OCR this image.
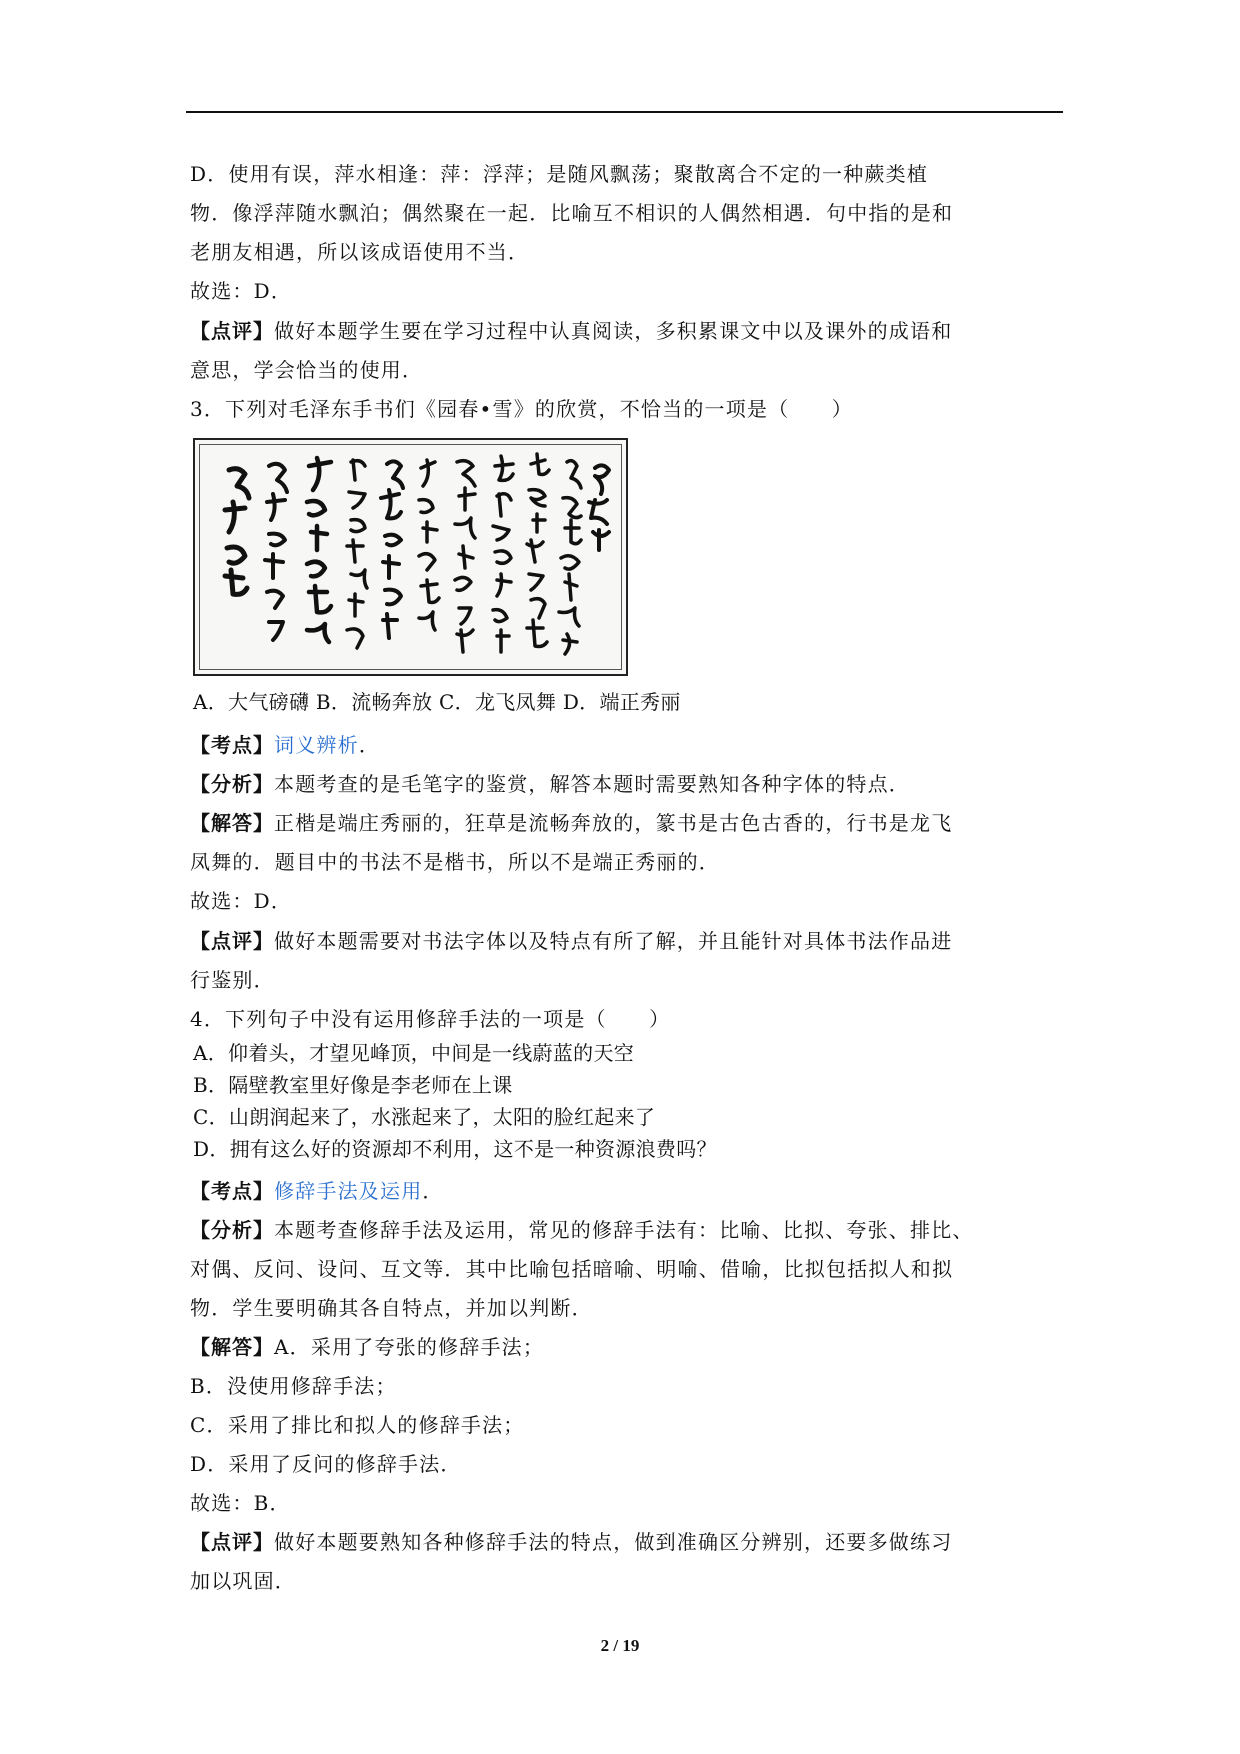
D．使用有误，萍水相逢：萍：浮萍；是随风飘荡；聚散离合不定的一种蕨类植
物．像浮萍随水飘泊；偶然聚在一起．比喻互不相识的人偶然相遇．句中指的是和
老朋友相遇，所以该成语使用不当．
故选：D．
【点评】做好本题学生要在学习过程中认真阅读，多积累课文中以及课外的成语和
意思，学会恰当的使用．
3．下列对毛泽东手书们《园春•雪》的欣赏，不恰当的一项是（　　）
A．大气磅礴 B．流畅奔放 C．龙飞凤舞 D．端正秀丽
【考点】词义辨析．
【分析】本题考查的是毛笔字的鉴赏，解答本题时需要熟知各种字体的特点．
【解答】正楷是端庄秀丽的，狂草是流畅奔放的，篆书是古色古香的，行书是龙飞
凤舞的．题目中的书法不是楷书，所以不是端正秀丽的．
故选：D．
【点评】做好本题需要对书法字体以及特点有所了解，并且能针对具体书法作品进
行鉴别．
4．下列句子中没有运用修辞手法的一项是（　　）
A．仰着头，才望见峰顶，中间是一线蔚蓝的天空
B．隔壁教室里好像是李老师在上课
C．山朗润起来了，水涨起来了，太阳的脸红起来了
D．拥有这么好的资源却不利用，这不是一种资源浪费吗？
【考点】修辞手法及运用．
【分析】本题考查修辞手法及运用，常见的修辞手法有：比喻、比拟、夸张、排比、
对偶、反问、设问、互文等．其中比喻包括暗喻、明喻、借喻，比拟包括拟人和拟
物．学生要明确其各自特点，并加以判断．
【解答】A．采用了夸张的修辞手法；
B．没使用修辞手法；
C．采用了排比和拟人的修辞手法；
D．采用了反问的修辞手法．
故选：B．
【点评】做好本题要熟知各种修辞手法的特点，做到准确区分辨别，还要多做练习
加以巩固．
2 / 19
